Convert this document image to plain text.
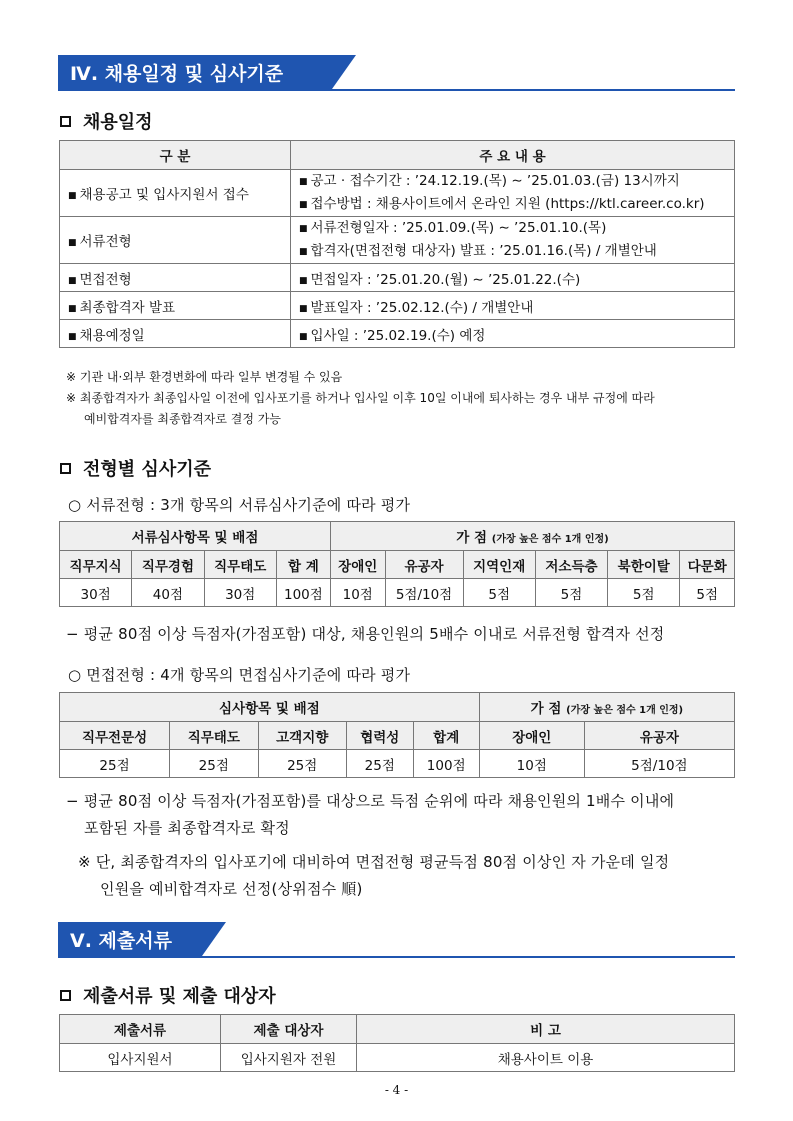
Ⅳ. 채용일정 및 심사기준
채용일정
구 분	주 요 내 용
■ 채용공고 및 입사지원서 접수	■ 공고 · 접수기간 : ’24.12.19.(목) ∼ ’25.01.03.(금) 13시까지
■ 접수방법 : 채용사이트에서 온라인 지원 (https://ktl.career.co.kr)

■ 서류전형	■ 서류전형일자 : ’25.01.09.(목) ∼ ’25.01.10.(목)
■ 합격자(면접전형 대상자) 발표 : ’25.01.16.(목) / 개별안내

■ 면접전형	■ 면접일자 : ’25.01.20.(월) ∼ ’25.01.22.(수)
■ 최종합격자 발표	■ 발표일자 : ’25.02.12.(수) / 개별안내
■ 채용예정일	■ 입사일 : ’25.02.19.(수) 예정
※ 기관 내·외부 환경변화에 따라 일부 변경될 수 있음
※ 최종합격자가 최종입사일 이전에 입사포기를 하거나 입사일 이후 10일 이내에 퇴사하는 경우 내부 규정에 따라
예비합격자를 최종합격자로 결정 가능
전형별 심사기준
○ 서류전형 : 3개 항목의 서류심사기준에 따라 평가
서류심사항목 및 배점				가 점 (가장 높은 점수 1개 인정)					
직무지식	직무경험	직무태도	합 계	장애인	유공자	지역인재	저소득층	북한이탈	다문화
30점	40점	30점	100점	10점	5점/10점	5점	5점	5점	5점
− 평균 80점 이상 득점자(가점포함) 대상, 채용인원의 5배수 이내로 서류전형 합격자 선정
○ 면접전형 : 4개 항목의 면접심사기준에 따라 평가
심사항목 및 배점					가 점 (가장 높은 점수 1개 인정)	
직무전문성	직무태도	고객지향	협력성	합계	장애인	유공자
25점	25점	25점	25점	100점	10점	5점/10점
− 평균 80점 이상 득점자(가점포함)를 대상으로 득점 순위에 따라 채용인원의 1배수 이내에
포함된 자를 최종합격자로 확정
※ 단, 최종합격자의 입사포기에 대비하여 면접전형 평균득점 80점 이상인 자 가운데 일정
인원을 예비합격자로 선정(상위점수 順)
Ⅴ. 제출서류
제출서류 및 제출 대상자
제출서류	제출 대상자	비 고
입사지원서	입사지원자 전원	채용사이트 이용
- 4 -
